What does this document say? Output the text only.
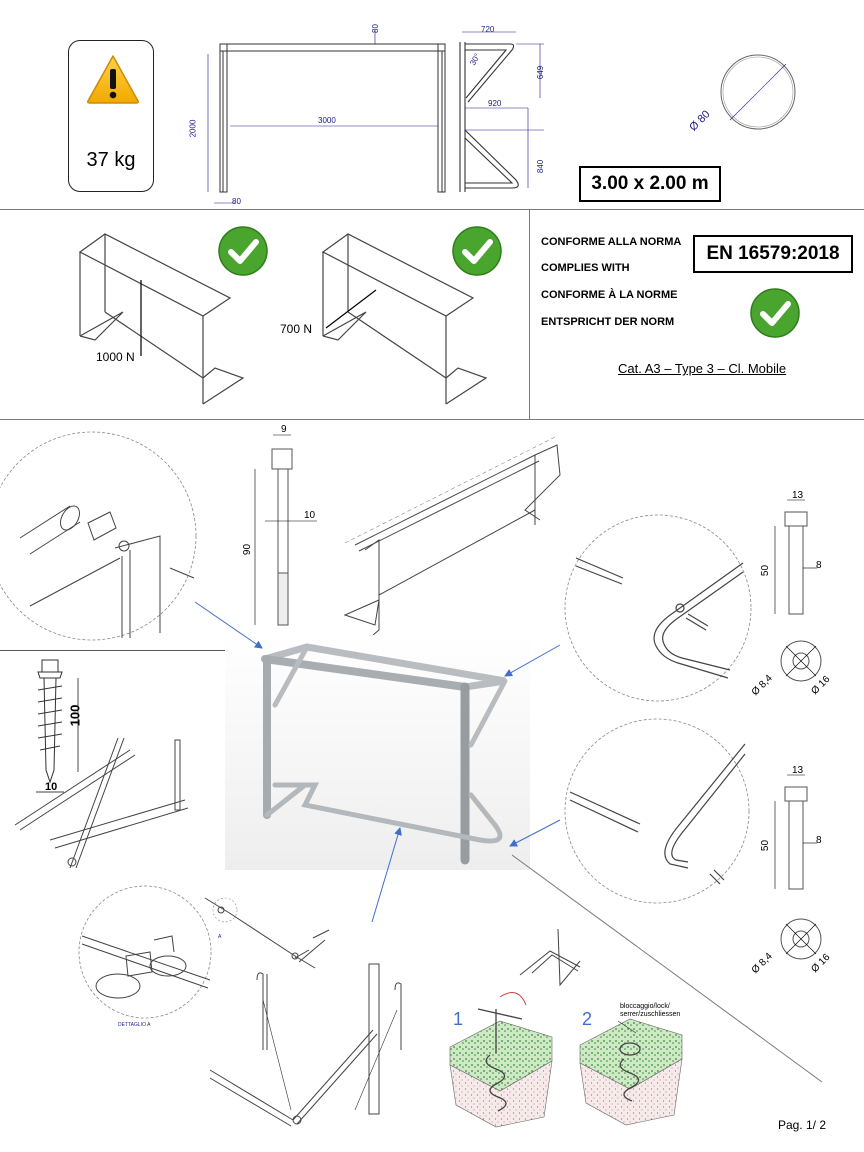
37 kg
80
2000	3000
80
720
30°
649
920
840
Ø 80
3.00 x 2.00 m
1000 N
700 N
CONFORME ALLA NORMA
COMPLIES WITH
CONFORME À LA NORME
ENTSPRICHT DER NORM
EN 16579:2018
Cat. A3 – Type 3 – Cl. Mobile
9
10
90
13
50	8
Ø 8,4	Ø 16
100
10
13
50	8
Ø 8,4	Ø 16
DETTAGLIO A
A
1	2
bloccaggio/lock/ serrer/zuschliessen
Pag. 1/ 2
